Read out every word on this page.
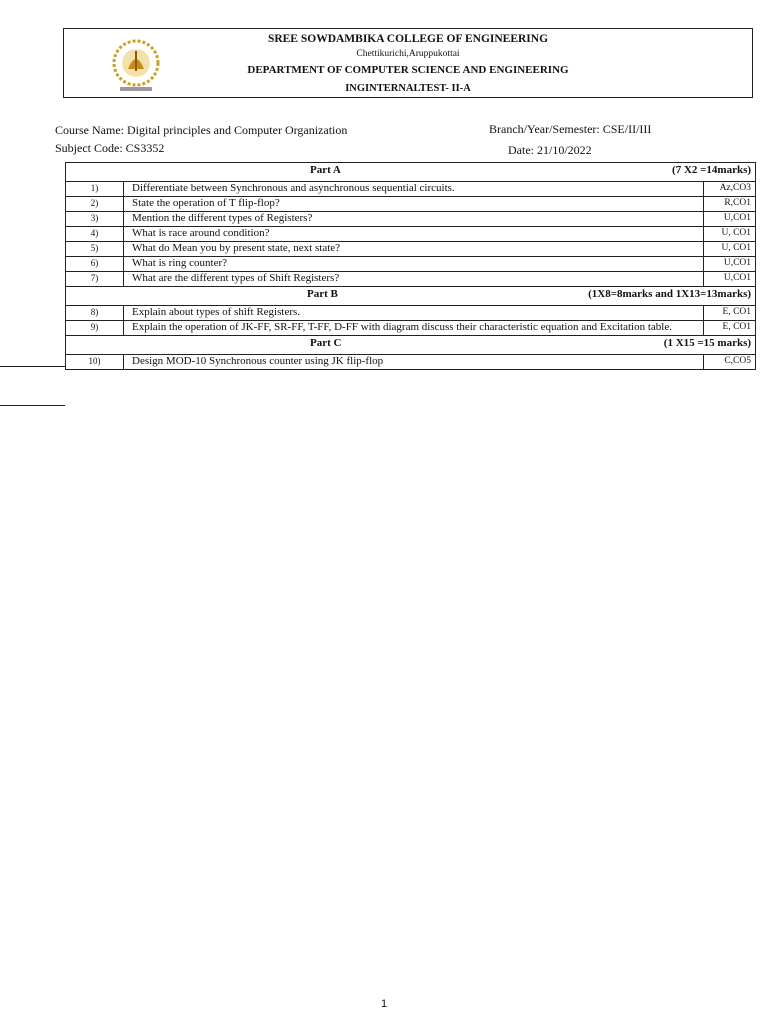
SREE SOWDAMBIKA COLLEGE OF ENGINEERING
Chettikurichi,Aruppukottai
DEPARTMENT OF COMPUTER SCIENCE AND ENGINEERING
INGINTERNALTEST- II-A
Course Name: Digital principles and Computer Organization	Branch/Year/Semester: CSE/II/III
Subject Code: CS3352	Date: 21/10/2022
Part A (7 X2 =14marks)		

1)	Differentiate between Synchronous and asynchronous sequential circuits.	Az,CO3
2)	State the operation of T flip-flop?	R,CO1
3)	Mention the different types of Registers?	U,CO1
4)	What is race around condition?	U, CO1
5)	What do Mean you by present state, next state?	U, CO1
6)	What is ring counter?	U,CO1
7)	What are the different types of Shift Registers?	U,CO1
Part B (1X8=8marks and 1X13=13marks)		

8)	Explain about types of shift Registers.	E, CO1
9)	Explain the operation of JK-FF, SR-FF, T-FF, D-FF with diagram discuss their characteristic equation and Excitation table.	E, CO1
Part C (1 X15 =15 marks)		

10)	Design MOD-10 Synchronous counter using JK flip-flop	C,CO5
1
